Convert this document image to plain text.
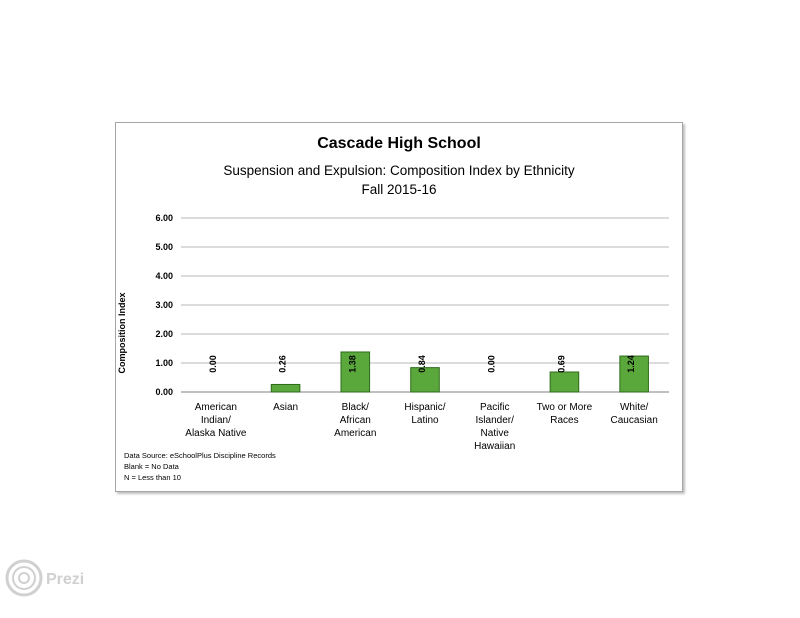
Cascade High School
Suspension and Expulsion: Composition Index by Ethnicity
Fall 2015-16
Composition Index
0.00
1.00
2.00
3.00
4.00
5.00
6.00
0.00
American
Indian/
Alaska Native
0.26
Asian
1.38
Black/
African
American
0.84
Hispanic/
Latino
0.00
Pacific
Islander/
Native
Hawaiian
0.69
Two or More
Races
1.24
White/
Caucasian
Data Source: eSchoolPlus Discipline Records
Blank = No Data
N = Less than 10
Prezi
